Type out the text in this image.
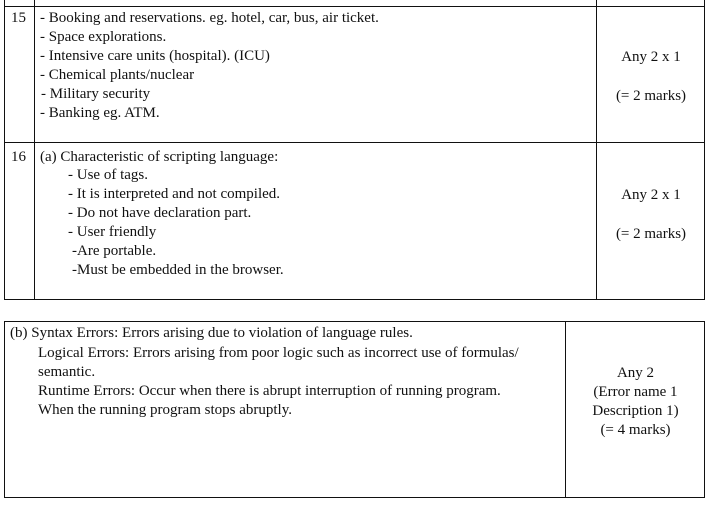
15 - Booking and reservations. eg. hotel, car, bus, air ticket.
- Space explorations.
- Intensive care units (hospital). (ICU)
- Chemical plants/nuclear
- Military security
- Banking eg. ATM.
Any 2 x 1
(= 2 marks)
16 (a) Characteristic of scripting language:
- Use of tags.
- It is interpreted and not compiled.
- Do not have declaration part.
- User friendly
-Are portable.
-Must be embedded in the browser.
Any 2 x 1
(= 2 marks)
(b) Syntax Errors: Errors arising due to violation of language rules.
Logical Errors: Errors arising from poor logic such as incorrect use of formulas/
semantic.
Runtime Errors: Occur when there is abrupt interruption of running program.
When the running program stops abruptly.
Any 2
(Error name 1
Description 1)
(= 4 marks)
